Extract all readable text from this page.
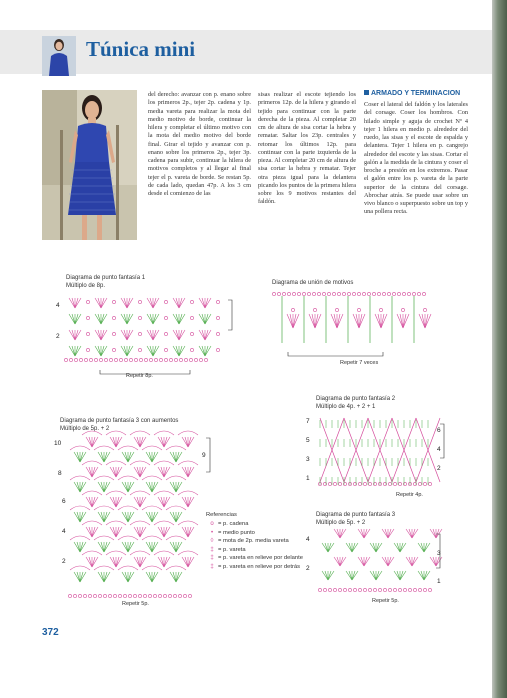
Túnica mini
del derecho: avanzar con p. enano sobre los primeros 2p., tejer 2p. cadena y 1p. media vareta para realizar la mota del medio motivo de borde, continuar la hilera y completar el último motivo con la mota del medio motivo del borde final. Girar el tejido y avanzar con p. enano sobre los primeros 2p., tejer 3p. cadena para subir, continuar la hilera de motivos completos y al llegar al final tejer el p. vareta de borde. Se restan 5p. de cada lado, quedan 47p. A los 3 cm desde el comienzo de las
sisas realizar el escote tejiendo los primeros 12p. de la hilera y girando el tejido para continuar con la parte derecha de la pieza. Al completar 20 cm de altura de sisa cortar la hebra y rematar. Saltar los 23p. centrales y retomar los últimos 12p. para continuar con la parte izquierda de la pieza. Al completar 20 cm de altura de sisa cortar la hebra y rematar. Tejer otra pieza igual para la delantera picando los puntos de la primera hilera sobre los 9 motivos restantes del faldón.
ARMADO Y TERMINACION
Coser el lateral del faldón y los laterales del corsage. Coser los hombros. Con hilado simple y aguja de crochet Nº 4 tejer 1 hilera en medio p. alrededor del ruedo, las sisas y el escote de espalda y delantera. Tejer 1 hilera en p. cangrejo alrededor del escote y las sisas. Cortar el galón a la medida de la cintura y coser el broche a presión en los extremos. Pasar el galón entre los p. vareta de la parte superior de la cintura del corsage. Abrochar atrás. Se puede usar sobre un vivo blanco o superpuesto sobre un top y una pollera recta.
Diagrama de punto fantasía 1
Múltiplo de 8p.
4
2
Repetir 8p.
Diagrama de unión de motivos
Repetir 7 veces
Diagrama de punto fantasía 3 con aumentos
Múltiplo de 5p. + 2
10
8
6
4
2
9
Repetir 5p.
Diagrama de punto fantasía 2
Múltiplo de 4p. + 2 + 1
7
5
3
1
6
4
2
Repetir 4p.
Diagrama de punto fantasía 3
Múltiplo de 5p. + 2
4
2
3
1
Repetir 5p.
Referencias
o = p. cadena
• = medio punto
◊ = mota de 2p. media vareta
‡ = p. vareta
‡ = p. vareta en relieve por delante
‡ = p. vareta en relieve por detrás
372
